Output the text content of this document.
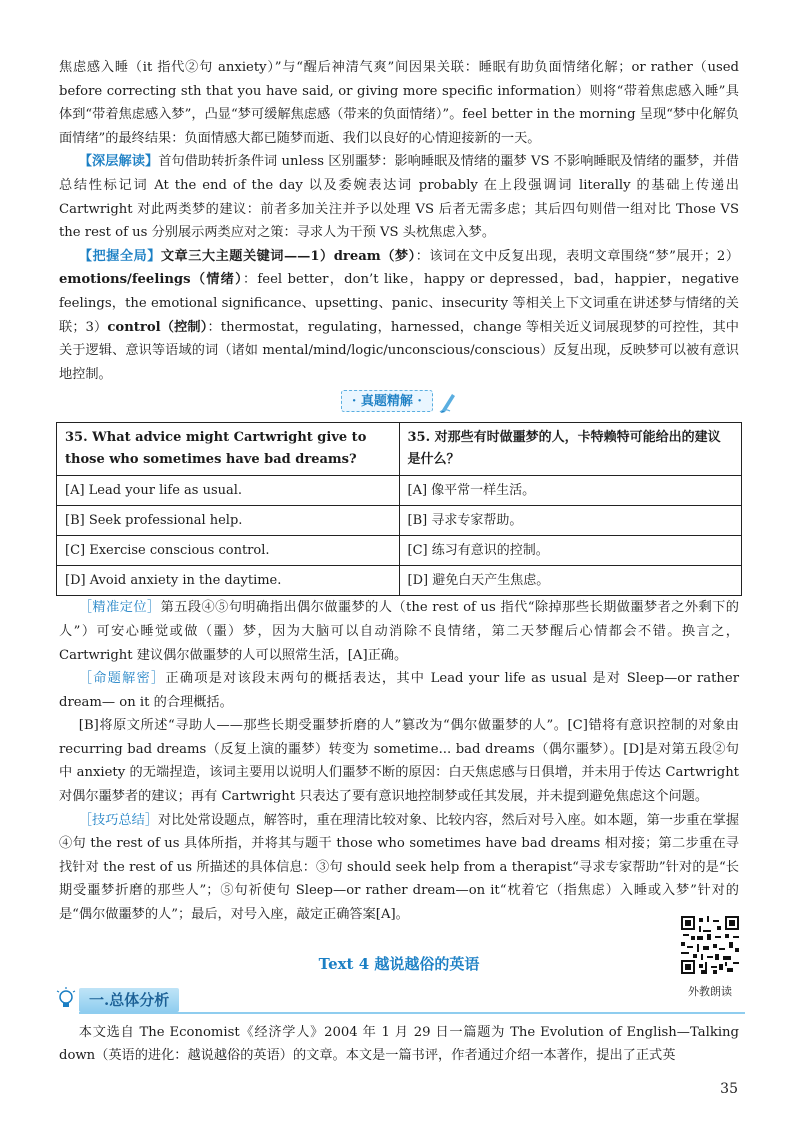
焦虑感入睡（it 指代②句 anxiety）”与“醒后神清气爽”间因果关联：睡眠有助负面情绪化解；or rather（used before correcting sth that you have said, or giving more specific information）则将“带着焦虑感入睡”具体到“带着焦虑感入梦”，凸显“梦可缓解焦虑感（带来的负面情绪）”。feel better in the morning 呈现“梦中化解负面情绪”的最终结果：负面情感大都已随梦而逝、我们以良好的心情迎接新的一天。

【深层解读】首句借助转折条件词 unless 区别噩梦：影响睡眠及情绪的噩梦 VS 不影响睡眠及情绪的噩梦，并借总结性标记词 At the end of the day 以及委婉表达词 probably 在上段强调词 literally 的基础上传递出 Cartwright 对此两类梦的建议：前者多加关注并予以处理 VS 后者无需多虑；其后四句则借一组对比 Those VS the rest of us 分别展示两类应对之策：寻求人为干预 VS 头枕焦虑入梦。

【把握全局】文章三大主题关键词——1）dream（梦）：该词在文中反复出现，表明文章围绕“梦”展开；2）emotions/feelings（情绪）：feel better，don’t like，happy or depressed，bad，happier，negative feelings，the emotional significance、upsetting、panic、insecurity 等相关上下文词重在讲述梦与情绪的关联；3）control（控制）：thermostat，regulating，harnessed，change 等相关近义词展现梦的可控性，其中关于逻辑、意识等语域的词（诸如 mental/mind/logic/unconscious/conscious）反复出现，反映梦可以被有意识地控制。

· 真题精解 ·
35. What advice might Cartwright give to those who sometimes have bad dreams?	35. 对那些有时做噩梦的人，卡特赖特可能给出的建议是什么？
[A] Lead your life as usual.	[A] 像平常一样生活。
[B] Seek professional help.	[B] 寻求专家帮助。
[C] Exercise conscious control.	[C] 练习有意识的控制。
[D] Avoid anxiety in the daytime.	[D] 避免白天产生焦虑。

［精准定位］第五段④⑤句明确指出偶尔做噩梦的人（the rest of us 指代“除掉那些长期做噩梦者之外剩下的人”）可安心睡觉或做（噩）梦，因为大脑可以自动消除不良情绪，第二天梦醒后心情都会不错。换言之，Cartwright 建议偶尔做噩梦的人可以照常生活，[A]正确。

［命题解密］正确项是对该段末两句的概括表达，其中 Lead your life as usual 是对 Sleep—or rather dream— on it 的合理概括。

[B]将原文所述“寻助人——那些长期受噩梦折磨的人”篡改为“偶尔做噩梦的人”。[C]错将有意识控制的对象由 recurring bad dreams（反复上演的噩梦）转变为 sometime... bad dreams（偶尔噩梦）。[D]是对第五段②句中 anxiety 的无端捏造，该词主要用以说明人们噩梦不断的原因：白天焦虑感与日俱增，并未用于传达 Cartwright 对偶尔噩梦者的建议；再有 Cartwright 只表达了要有意识地控制梦或任其发展，并未提到避免焦虑这个问题。

［技巧总结］对比处常设题点，解答时，重在理清比较对象、比较内容，然后对号入座。如本题，第一步重在掌握④句 the rest of us 具体所指，并将其与题干 those who sometimes have bad dreams 相对接；第二步重在寻找针对 the rest of us 所描述的具体信息：③句 should seek help from a therapist“寻求专家帮助”针对的是“长期受噩梦折磨的那些人”；⑤句祈使句 Sleep—or rather dream—on it“枕着它（指焦虑）入睡或入梦”针对的是“偶尔做噩梦的人”；最后，对号入座，敲定正确答案[A]。

Text 4 越说越俗的英语
一.总体分析

本文选自 The Economist《经济学人》2004 年 1 月 29 日一篇题为 The Evolution of English—Talking down（英语的进化：越说越俗的英语）的文章。本文是一篇书评，作者通过介绍一本著作，提出了正式英

外教朗读
35
